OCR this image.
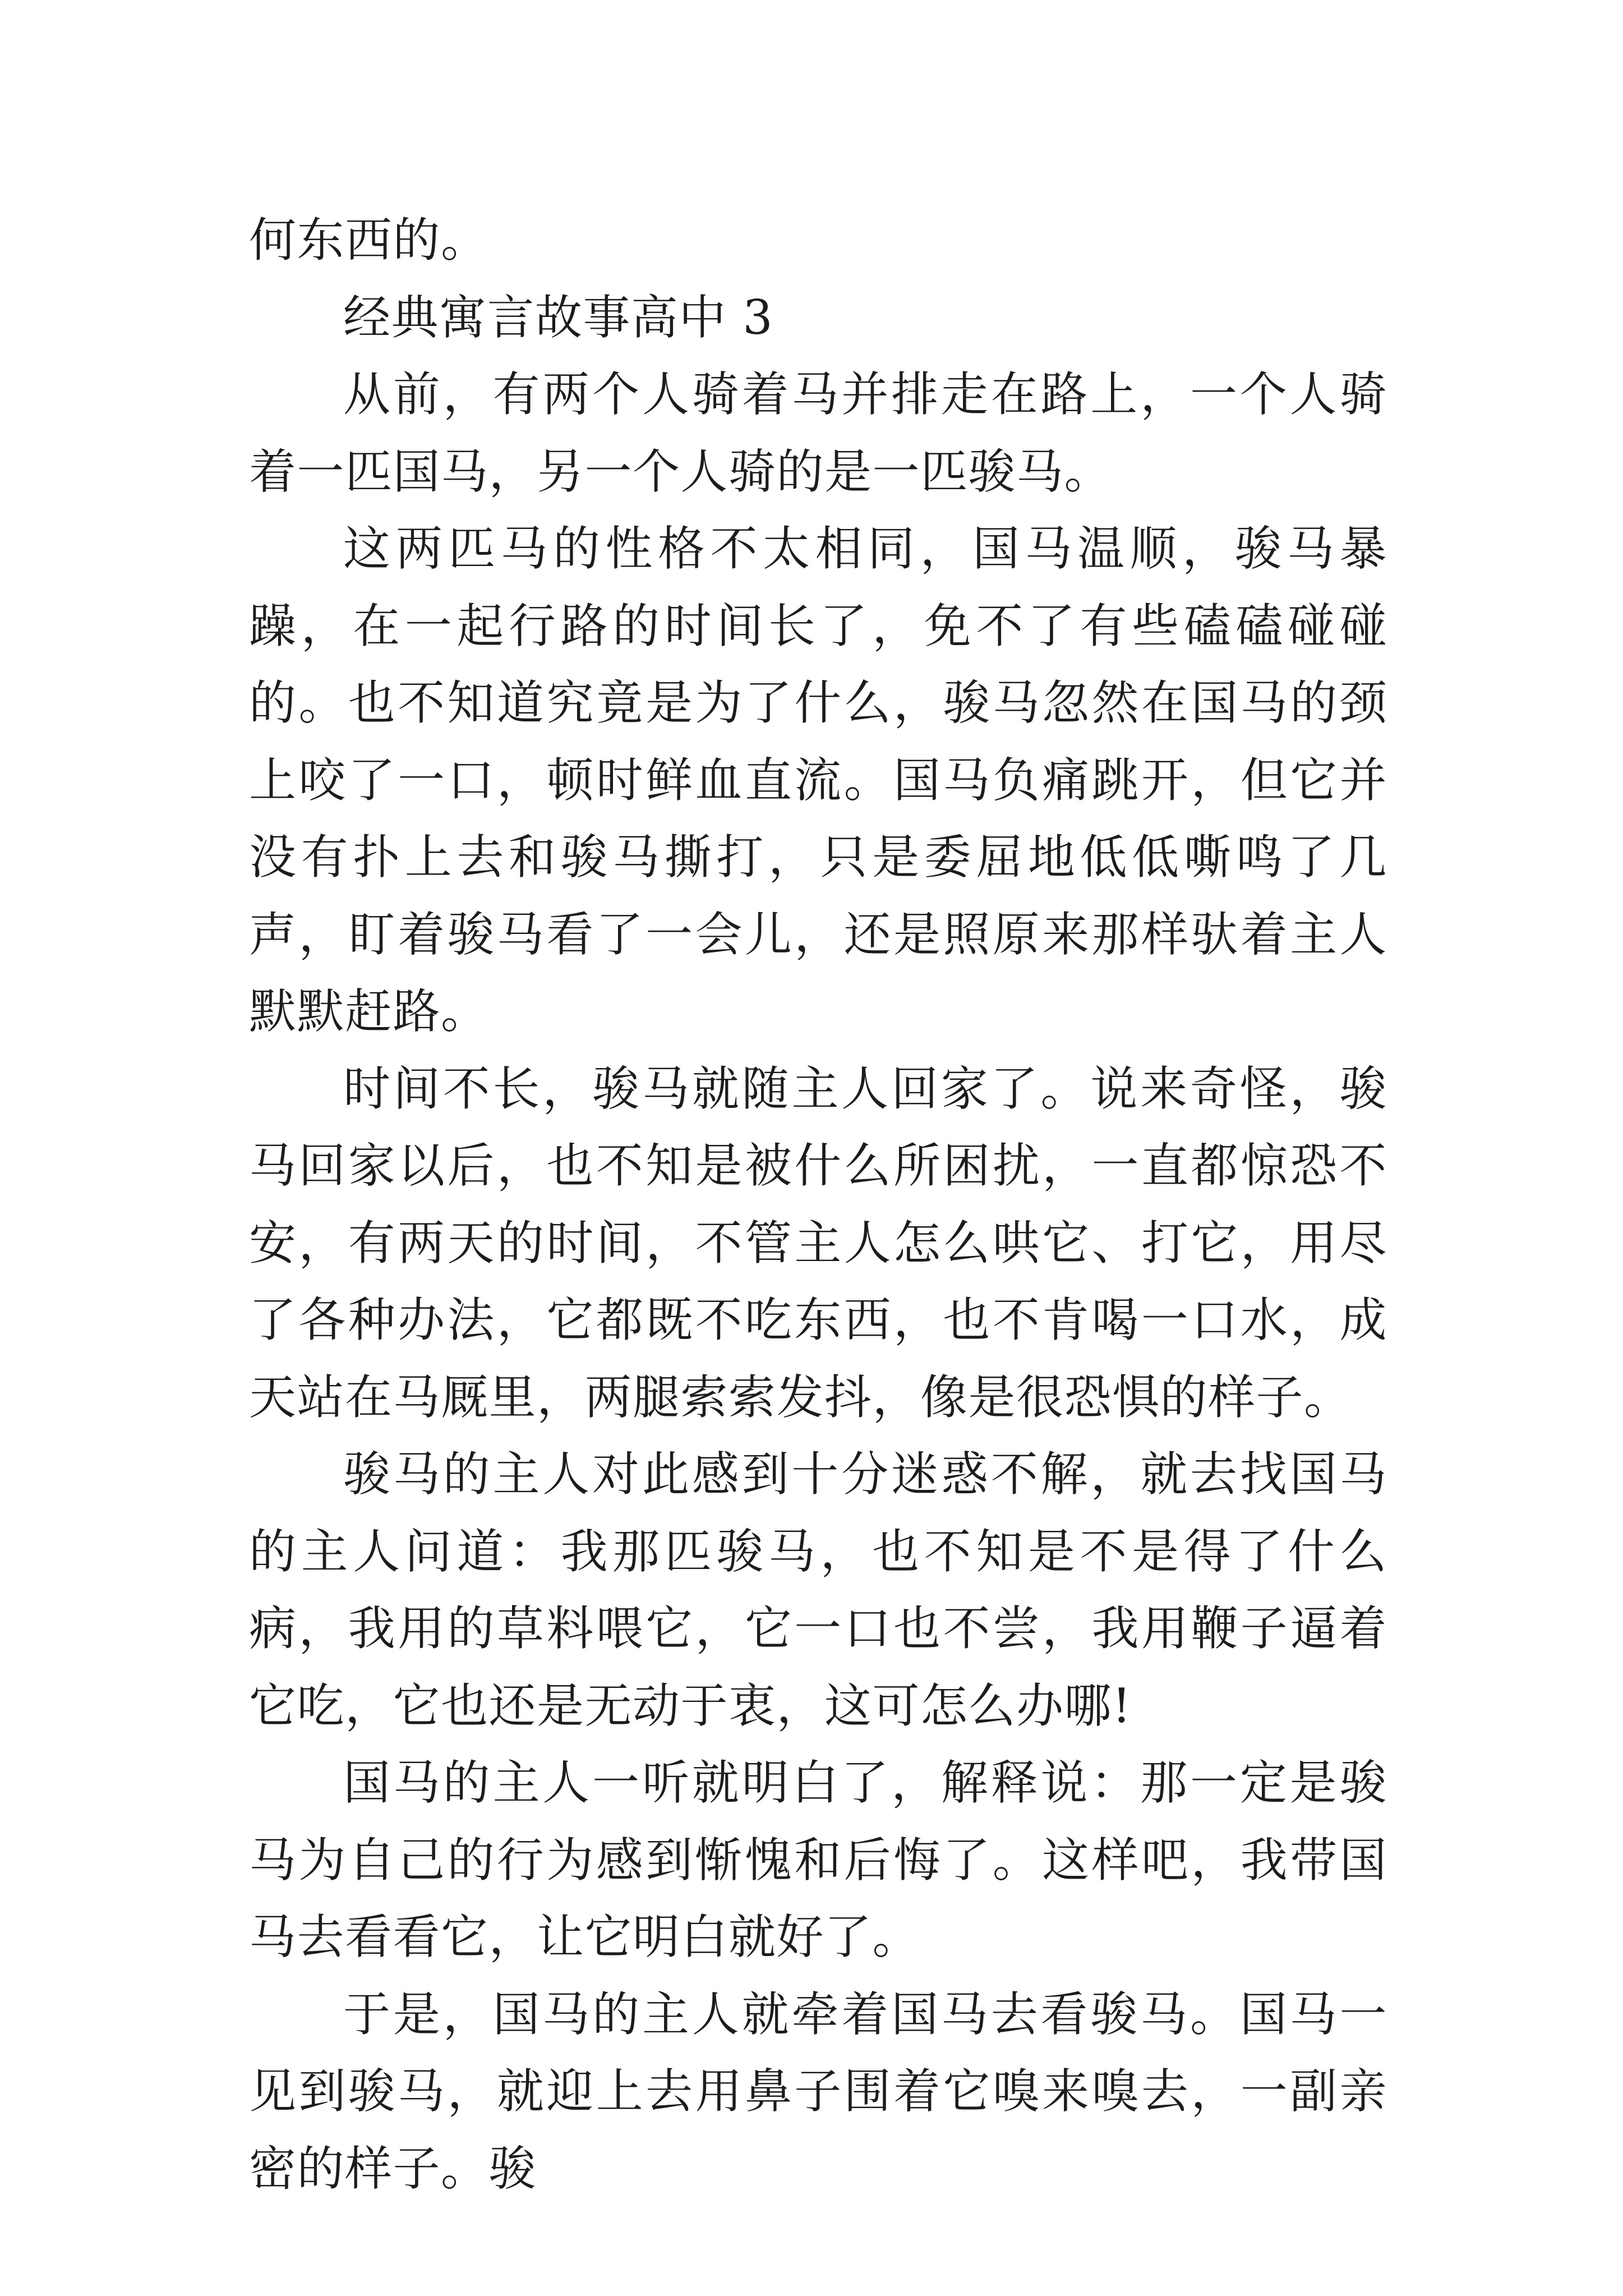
何东西的。

经典寓言故事高中 3

从前，有两个人骑着马并排走在路上，一个人骑着一匹国马，另一个人骑的是一匹骏马。

这两匹马的性格不太相同，国马温顺，骏马暴躁，在一起行路的时间长了，免不了有些磕磕碰碰的。也不知道究竟是为了什么，骏马忽然在国马的颈上咬了一口，顿时鲜血直流。国马负痛跳开，但它并没有扑上去和骏马撕打，只是委屈地低低嘶鸣了几声，盯着骏马看了一会儿，还是照原来那样驮着主人默默赶路。

时间不长，骏马就随主人回家了。说来奇怪，骏马回家以后，也不知是被什么所困扰，一直都惊恐不安，有两天的时间，不管主人怎么哄它、打它，用尽了各种办法，它都既不吃东西，也不肯喝一口水，成天站在马厩里，两腿索索发抖，像是很恐惧的样子。

骏马的主人对此感到十分迷惑不解，就去找国马的主人问道：我那匹骏马，也不知是不是得了什么病，我用的草料喂它，它一口也不尝，我用鞭子逼着它吃，它也还是无动于衷，这可怎么办哪!

国马的主人一听就明白了，解释说：那一定是骏马为自己的行为感到惭愧和后悔了。这样吧，我带国马去看看它，让它明白就好了。

于是，国马的主人就牵着国马去看骏马。国马一见到骏马，就迎上去用鼻子围着它嗅来嗅去，一副亲密的样子。骏
